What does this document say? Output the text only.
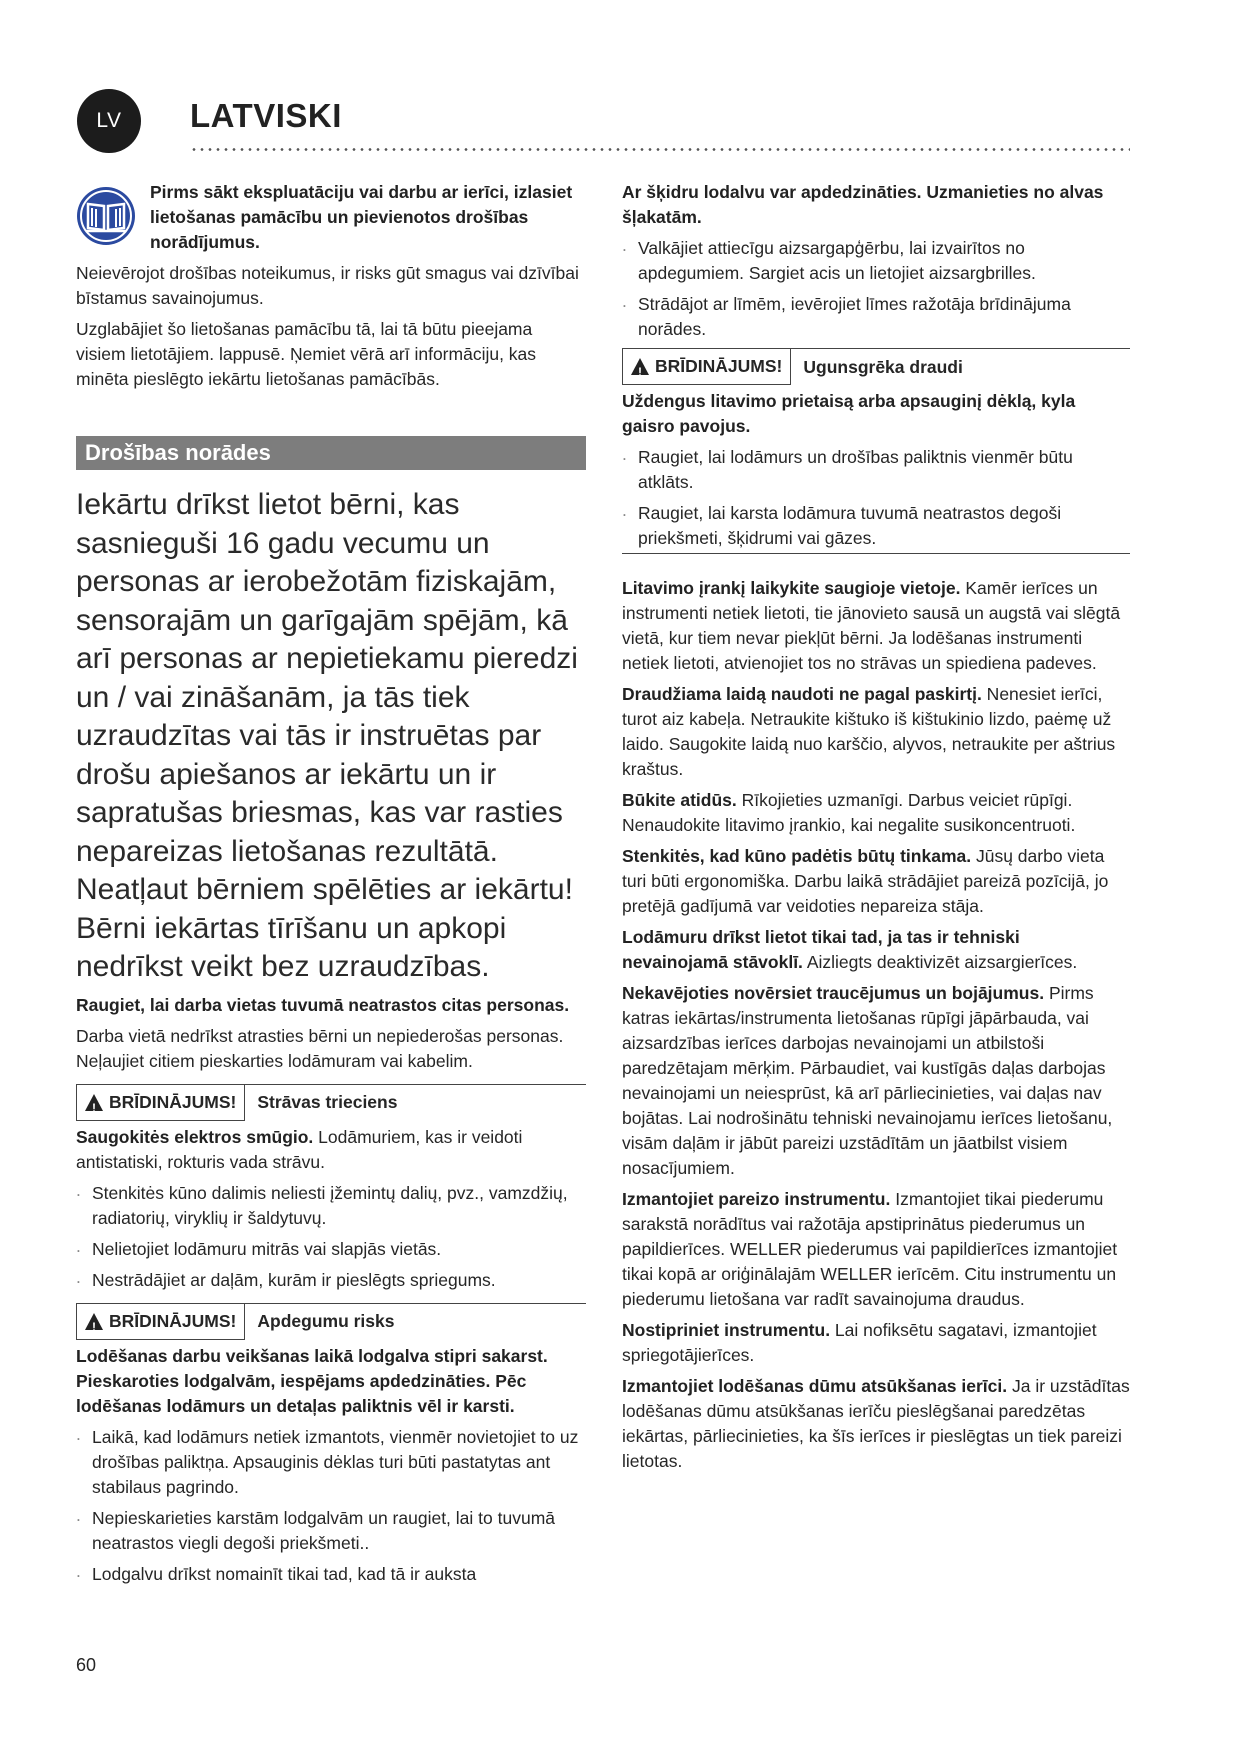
LV	LATVISKI

Pirms sākt ekspluatāciju vai darbu ar ierīci, izlasiet lietošanas pamācību un pievienotos drošības norādījumus.

Neievērojot drošības noteikumus, ir risks gūt smagus vai dzīvībai bīstamus savainojumus.

Uzglabājiet šo lietošanas pamācību tā, lai tā būtu pieejama visiem lietotājiem. lappusē. Ņemiet vērā arī informāciju, kas minēta pieslēgto iekārtu lietošanas pamācībās.

Drošības norādes

Iekārtu drīkst lietot bērni, kas sasnieguši 16 gadu vecumu un personas ar ierobežotām fiziskajām, sensorajām un garīgajām spējām, kā arī personas ar nepietiekamu pieredzi un / vai zināšanām, ja tās tiek uzraudzītas vai tās ir instruētas par drošu apiešanos ar iekārtu un ir sapratušas briesmas, kas var rasties nepareizas lietošanas rezultātā. Neatļaut bērniem spēlēties ar iekārtu!

Bērni iekārtas tīrīšanu un apkopi nedrīkst veikt bez uzraudzības.

Raugiet, lai darba vietas tuvumā neatrastos citas personas.

Darba vietā nedrīkst atrasties bērni un nepiederošas personas. Neļaujiet citiem pieskarties lodāmuram vai kabelim.

!
BRĪDINĀJUMS!	Strāvas trieciens

Saugokitės elektros smūgio. Lodāmuriem, kas ir veidoti antistatiski, rokturis vada strāvu.

. Stenkitės kūno dalimis neliesti įžemintų dalių, pvz., vamzdžių, radiatorių, viryklių ir šaldytuvų.

. Nelietojiet lodāmuru mitrās vai slapjās vietās.

. Nestrādājiet ar daļām, kurām ir pieslēgts spriegums.

!
BRĪDINĀJUMS!	Apdegumu risks

Lodēšanas darbu veikšanas laikā lodgalva stipri sakarst. Pieskaroties lodgalvām, iespējams apdedzināties. Pēc lodēšanas lodāmurs un detaļas paliktnis vēl ir karsti.

. Laikā, kad lodāmurs netiek izmantots, vienmēr novietojiet to uz drošības paliktņa. Apsauginis dėklas turi būti pastatytas ant stabilaus pagrindo.

. Nepieskarieties karstām lodgalvām un raugiet, lai to tuvumā neatrastos viegli degoši priekšmeti..

. Lodgalvu drīkst nomainīt tikai tad, kad tā ir auksta

Ar šķidru lodalvu var apdedzināties. Uzmanieties no alvas šļakatām.

. Valkājiet attiecīgu aizsargapģērbu, lai izvairītos no apdegumiem. Sargiet acis un lietojiet aizsargbrilles.

. Strādājot ar līmēm, ievērojiet līmes ražotāja brīdinājuma norādes.

!
BRĪDINĀJUMS!	Ugunsgrēka draudi

Uždengus litavimo prietaisą arba apsauginį dėklą, kyla gaisro pavojus.

. Raugiet, lai lodāmurs un drošības paliktnis vienmēr būtu atklāts.

. Raugiet, lai karsta lodāmura tuvumā neatrastos degoši priekšmeti, šķidrumi vai gāzes.

Litavimo įrankį laikykite saugioje vietoje. Kamēr ierīces un instrumenti netiek lietoti, tie jānovieto sausā un augstā vai slēgtā vietā, kur tiem nevar piekļūt bērni. Ja lodēšanas instrumenti netiek lietoti, atvienojiet tos no strāvas un spiediena padeves.

Draudžiama laidą naudoti ne pagal paskirtį. Nenesiet ierīci, turot aiz kabeļa. Netraukite kištuko iš kištukinio lizdo, paėmę už laido. Saugokite laidą nuo karščio, alyvos, netraukite per aštrius kraštus.

Būkite atidūs. Rīkojieties uzmanīgi. Darbus veiciet rūpīgi. Nenaudokite litavimo įrankio, kai negalite susikoncentruoti.

Stenkitės, kad kūno padėtis būtų tinkama. Jūsų darbo vieta turi būti ergonomiška. Darbu laikā strādājiet pareizā pozīcijā, jo pretējā gadījumā var veidoties nepareiza stāja.

Lodāmuru drīkst lietot tikai tad, ja tas ir tehniski nevainojamā stāvoklī. Aizliegts deaktivizēt aizsargierīces.

Nekavējoties novērsiet traucējumus un bojājumus. Pirms katras iekārtas/instrumenta lietošanas rūpīgi jāpārbauda, vai aizsardzības ierīces darbojas nevainojami un atbilstoši paredzētajam mērķim. Pārbaudiet, vai kustīgās daļas darbojas nevainojami un neiesprūst, kā arī pārliecinieties, vai daļas nav bojātas. Lai nodrošinātu tehniski nevainojamu ierīces lietošanu, visām daļām ir jābūt pareizi uzstādītām un jāatbilst visiem nosacījumiem.

Izmantojiet pareizo instrumentu. Izmantojiet tikai piederumu sarakstā norādītus vai ražotāja apstiprinātus piederumus un papildierīces. WELLER piederumus vai papildierīces izmantojiet tikai kopā ar oriģinālajām WELLER ierīcēm. Citu instrumentu un piederumu lietošana var radīt savainojuma draudus.

Nostipriniet instrumentu. Lai nofiksētu sagatavi, izmantojiet spriegotājierīces.

Izmantojiet lodēšanas dūmu atsūkšanas ierīci. Ja ir uzstādītas lodēšanas dūmu atsūkšanas ierīču pieslēgšanai paredzētas iekārtas, pārliecinieties, ka šīs ierīces ir pieslēgtas un tiek pareizi lietotas.

60
